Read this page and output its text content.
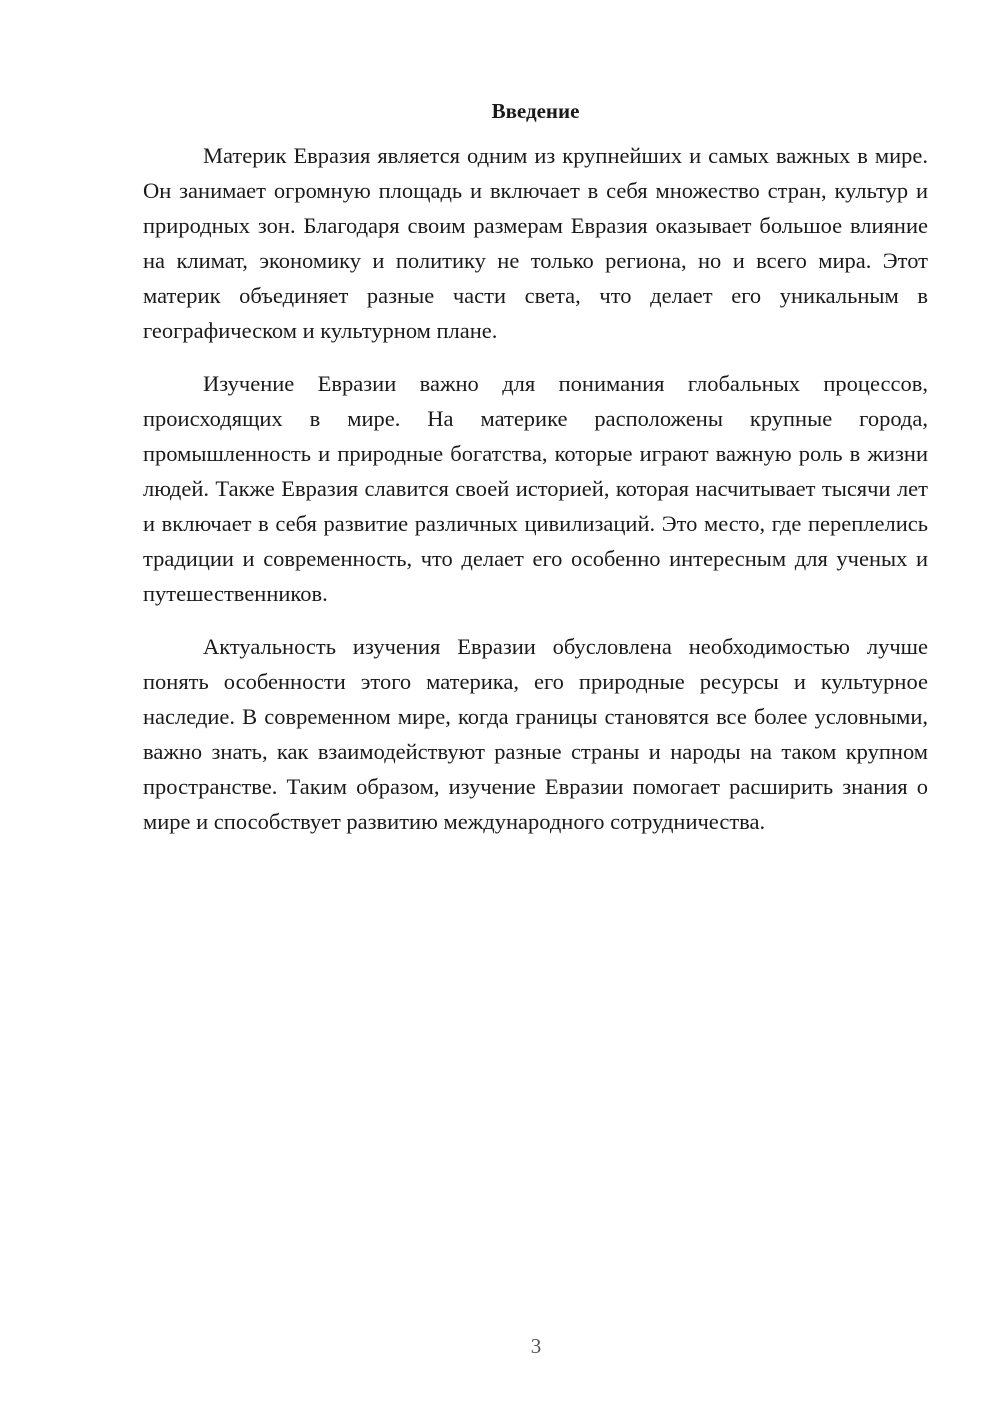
Введение

Материк Евразия является одним из крупнейших и самых важных в мире. Он занимает огромную площадь и включает в себя множество стран, культур и природных зон. Благодаря своим размерам Евразия оказывает большое влияние на климат, экономику и политику не только региона, но и всего мира. Этот материк объединяет разные части света, что делает его уникальным в географическом и культурном плане.

Изучение Евразии важно для понимания глобальных процессов, происходящих в мире. На материке расположены крупные города, промышленность и природные богатства, которые играют важную роль в жизни людей. Также Евразия славится своей историей, которая насчитывает тысячи лет и включает в себя развитие различных цивилизаций. Это место, где переплелись традиции и современность, что делает его особенно интересным для ученых и путешественников.

Актуальность изучения Евразии обусловлена необходимостью лучше понять особенности этого материка, его природные ресурсы и культурное наследие. В современном мире, когда границы становятся все более условными, важно знать, как взаимодействуют разные страны и народы на таком крупном пространстве. Таким образом, изучение Евразии помогает расширить знания о мире и способствует развитию международного сотрудничества.

3
